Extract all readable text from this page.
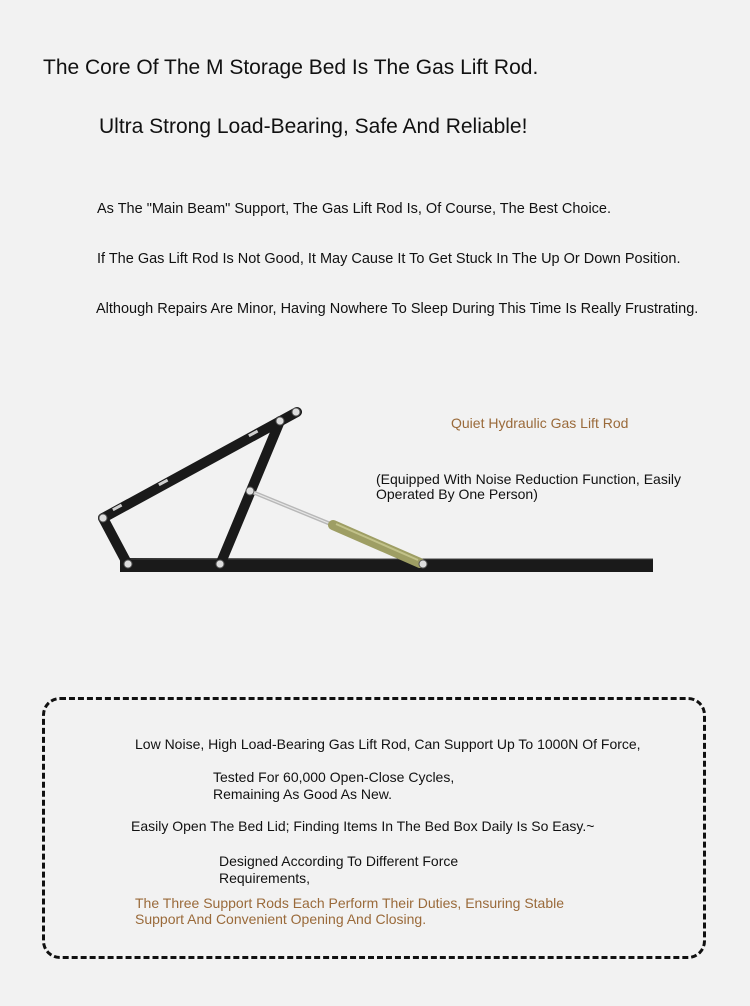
The Core Of The M Storage Bed Is The Gas Lift Rod.
Ultra Strong Load-Bearing, Safe And Reliable!
As The "Main Beam" Support, The Gas Lift Rod Is, Of Course, The Best Choice.
If The Gas Lift Rod Is Not Good, It May Cause It To Get Stuck In The Up Or Down Position.
Although Repairs Are Minor, Having Nowhere To Sleep During This Time Is Really Frustrating.
Quiet Hydraulic Gas Lift Rod
(Equipped With Noise Reduction Function, Easily
Operated By One Person)
Low Noise, High Load-Bearing Gas Lift Rod, Can Support Up To 1000N Of Force,
Tested For 60,000 Open-Close Cycles,
Remaining As Good As New.
Easily Open The Bed Lid; Finding Items In The Bed Box Daily Is So Easy.~
Designed According To Different Force
Requirements,
The Three Support Rods Each Perform Their Duties, Ensuring Stable
Support And Convenient Opening And Closing.
